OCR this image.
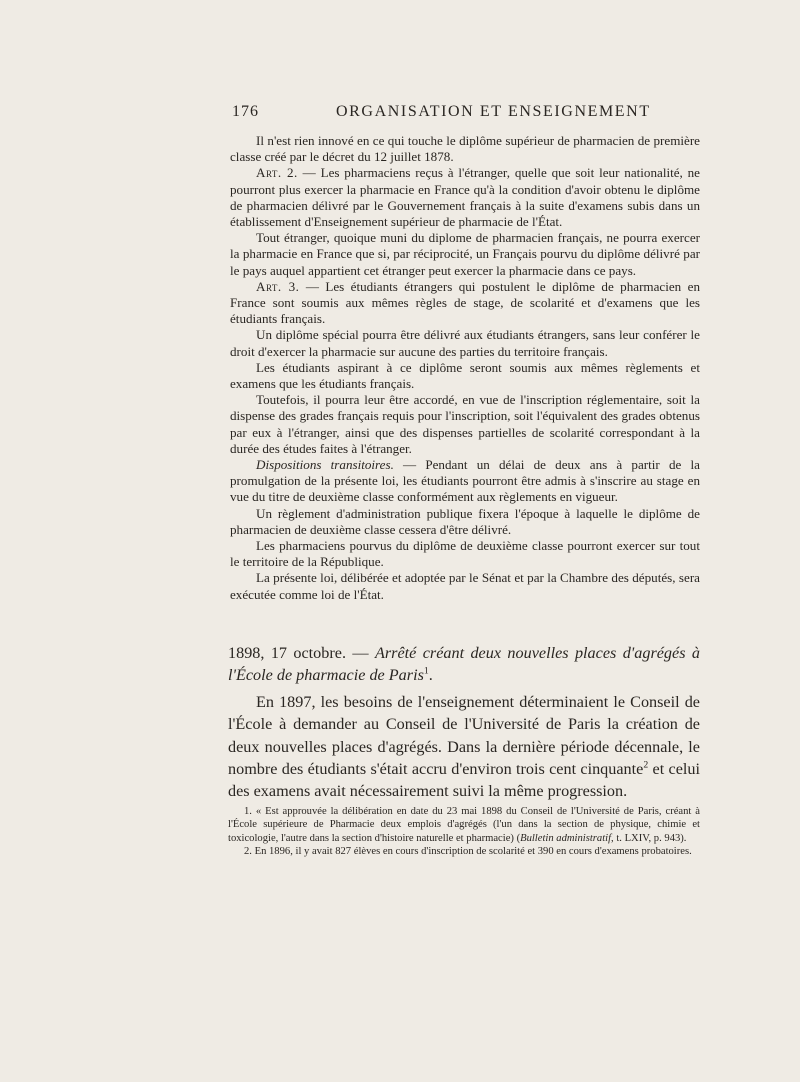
176	ORGANISATION ET ENSEIGNEMENT

Il n'est rien innové en ce qui touche le diplôme supérieur de pharmacien de première classe créé par le décret du 12 juillet 1878.

Art. 2. — Les pharmaciens reçus à l'étranger, quelle que soit leur nationalité, ne pourront plus exercer la pharmacie en France qu'à la condition d'avoir obtenu le diplôme de pharmacien délivré par le Gouvernement français à la suite d'examens subis dans un établissement d'Enseignement supérieur de pharmacie de l'État.

Tout étranger, quoique muni du diplome de pharmacien français, ne pourra exercer la pharmacie en France que si, par réciprocité, un Français pourvu du diplôme délivré par le pays auquel appartient cet étranger peut exercer la pharmacie dans ce pays.

Art. 3. — Les étudiants étrangers qui postulent le diplôme de pharmacien en France sont soumis aux mêmes règles de stage, de scolarité et d'examens que les étudiants français.

Un diplôme spécial pourra être délivré aux étudiants étrangers, sans leur conférer le droit d'exercer la pharmacie sur aucune des parties du territoire français.

Les étudiants aspirant à ce diplôme seront soumis aux mêmes règlements et examens que les étudiants français.

Toutefois, il pourra leur être accordé, en vue de l'inscription réglementaire, soit la dispense des grades français requis pour l'inscription, soit l'équivalent des grades obtenus par eux à l'étranger, ainsi que des dispenses partielles de scolarité correspondant à la durée des études faites à l'étranger.

Dispositions transitoires. — Pendant un délai de deux ans à partir de la promulgation de la présente loi, les étudiants pourront être admis à s'inscrire au stage en vue du titre de deuxième classe conformément aux règlements en vigueur.

Un règlement d'administration publique fixera l'époque à laquelle le diplôme de pharmacien de deuxième classe cessera d'être délivré.

Les pharmaciens pourvus du diplôme de deuxième classe pourront exercer sur tout le territoire de la République.

La présente loi, délibérée et adoptée par le Sénat et par la Chambre des députés, sera exécutée comme loi de l'État.

1898, 17 octobre. — Arrêté créant deux nouvelles places d'agrégés à l'École de pharmacie de Paris$^1$.

En 1897, les besoins de l'enseignement déterminaient le Conseil de l'École à demander au Conseil de l'Université de Paris la création de deux nouvelles places d'agrégés. Dans la dernière période décennale, le nombre des étudiants s'était accru d'environ trois cent cinquante$^2$ et celui des examens avait nécessairement suivi la même progression.

1. « Est approuvée la délibération en date du 23 mai 1898 du Conseil de l'Université de Paris, créant à l'École supérieure de Pharmacie deux emplois d'agrégés (l'un dans la section de physique, chimie et toxicologie, l'autre dans la section d'histoire naturelle et pharmacie) (Bulletin administratif, t. LXIV, p. 943).

2. En 1896, il y avait 827 élèves en cours d'inscription de scolarité et 390 en cours d'examens probatoires.
